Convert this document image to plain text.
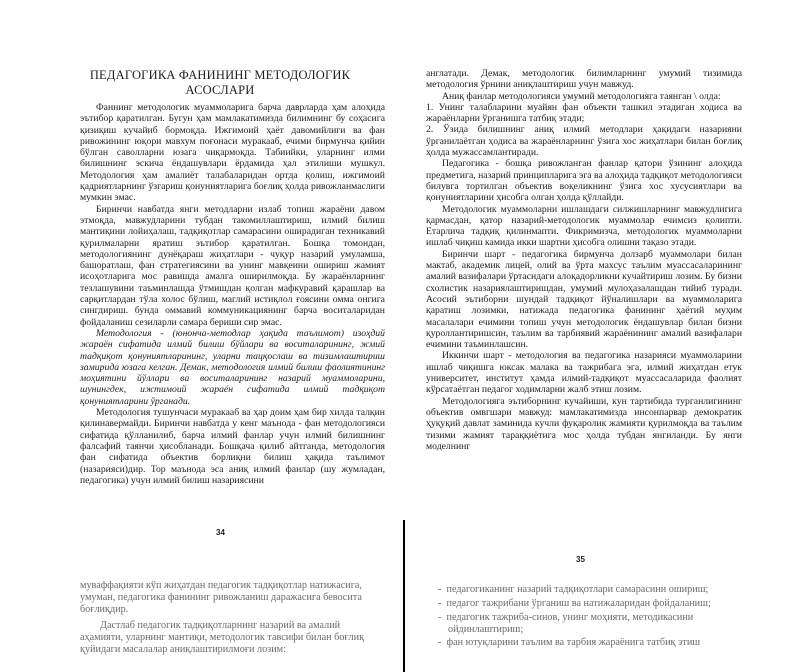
ПЕДАГОГИКА ФАНИНИНГ МЕТОДОЛОГИК
АСОСЛАРИ

Фаннинг методологик муаммоларига барча даврларда ҳам алоҳида эътибор қаратилган. Бугун ҳам мамлакатимизда билимнинг бу соҳасига қизиқиш кучайиб бормоқда. Ижгимоий ҳаёт давомийлиги ва фан ривожининг юқори мавхум поғонаси муракааб, ечими бирмунча қийин бўлган саволларни юзага чиқармоқда. Табиийки, уларнинг илми билишнинг эскича ёндашувлари ёрдамида ҳал этилиши мушкул. Методология ҳам амалиёт талабаларидан ортда қолиш, ижгимоий қадриятларнинг ўзгариш қонуниятларига боғлиқ ҳолда ривожланмаслиги мумкин эмас.

Биринчи навбатда янги методларни излаб топиш жараёни давом этмоқда, мавжудларини тубдан такомиллаштириш, илмий билиш мантиқини лойиҳалаш, тадқиқотлар самарасини оширадиган техникавий қурилмаларни яратиш эътибор қаратилган. Бошқа томондан, методологиянинг дунёқараш жиҳатлари - чуқур назарий умуламша, башоратлаш, фан стратегиясини ва унинг мавқеини ошириш жамият исоҳотларига мос равишда амалга оширилмоқда. Бу жараёнларнинг тезлашувини таъминлашда ўтмишдан қолган мафкуравий қарашлар ва сарқитлардан тўла холос бўлиш, маглий истиқлол ғоясини омма онгига сингдириш. бунда оммавий коммуникациянинг барча воситаларидан фойдаланиш сезиларли самара бериши сир эмас.

Методология - (юнонча-методлар ҳақида таълимот) изоҳдий жараён сифатида илмий билиш бўйлари ва воситаларининг, жмий тадқиқот қонуниятларининг, уларни тацқослаш ва тизимлаштириш замирида юзага келган. Демак, методология илмий билиш фаолиятининг моҳиятини йўллари ва воситаларининг назарий муаммоларини, шунингдек, ижтимоий жараён сифатида илмий тадқиқот қонуниятларини ўрганади.

Методология тушунчаси муракааб ва ҳар доим ҳам бир хилда талқин қилинавермайди. Биринчи навбатда у кенг маънода - фан методологияси сифатида қўлланилиб, барча илмий фанлар учун илмий билишнинг фалсафий таянчи ҳисобланади. Бошқача қилиб айтганда, методология фан сифатида объектив борлиқни билиш ҳақида таълимот (назарияси)дир. Тор маънода эса аниқ илмий фанлар (шу жумладан, педагогика) учун илмий билиш назариясини

34

муваффақияти кўп жиҳатдан педагогик тадқиқотлар натижасига,

умуман, педагогика фанининг ривожланиш даражасига бевосита

боғлиқдир.

Дастлаб педагогик тадқиқотларнинг назарий ва амалий

аҳамияти, уларнинг мантиқи, методологик тавсифи билан боғлиқ

қуйидаги масалалар аниқлаштирилмоғи лозим:

англатади. Демак, методологик билимларнинг умумий тизимида методология ўрнини аниқлаштириш учун мавжуд.

Аниқ фанлар методологияси умумий методологияга таянган \ олда:

1. Унинг талабларини муайян фан объекти ташкил этадиган ходиса ва жараёнларни ўрганишга татбиқ этади;

2. Ўзида билишнинг аниқ илмий методлари ҳақидаги назарияни ўрганилаётган ҳодиса ва жараёнларнинг ўзига хос жиҳатлари билан боғлиқ ҳолда мужассамлантиради.

Педагогика - бошқа ривожланган фанлар қатори ўзининг алоҳида предметига, назарий принципларига эга ва алоҳида тадқиқот методологияси билувга тортилган объектив воқеликнинг ўзига хос хусусиятлари ва қонуниятларини ҳисобга олган ҳолда қўллайди.

Методологик муаммоларни ишлашдаги силжишларнинг мавжудлигига қармасдан, қатор назарий-методологик муаммолар ечимсиз қолипти. Етарлича тадқиқ қилинмапти. Фикримизча, методологик муаммоларни ишлаб чиқиш камида икки шартни ҳисобга олишни тақазо этади.

Биринчи шарт - педагогика бирмунча долзарб муаммолари билан мактаб, академик лицей, олий ва ўрта махсус таълим муассасаларининг амалий вазифалари ўртасидаги алоқадорликни кучайтириш лозим. Бу бизни схолистик назариялаштиришдан, умумий мулоҳазалашдан тийиб туради. Асосий эътиборни шундай тадқиқот йўналишлари ва муаммоларига қаратиш лозимки, натижада педагогика фанининг ҳаётий муҳим масалалари ечимини топиш учун методологик ёндашувлар билан бизни қуроллантиришсин, таълим ва тарбиявий жараёнининг амалий вазифалари ечимини таъминлашсин.

Иккинчи шарт - методология ва педагогика назарияси муаммоларини ишлаб чиқишга юксак малака ва тажрибага эга, илмий жиҳатдан етук университет, институт ҳамда илмий-тадқиқот муассасаларида фаолият кўрсатаётган педагог ходимларни жалб этиш лозим.

Методологияга эътиборнинг кучайиши, кун тартибида турганлигининг объектив омвгшари мавжуд: мамлакатимизда инсонпарвар демократик ҳуқуқий давлат заминида кучли фуқаролик жамияти қурилмоқда ва таълим тизими жамият тараққиётига мос ҳолда тубдан янгиланди. Бу янги моделнинг

35

-  педагогиканинг назарий тадқиқотлари самарасини ошириш;

-  педагог тажрибани ўрганиш ва натижаларидан фойдаланиш;

-  педагогик тажриба-синов, унинг моҳияти, методикасини

ойдинлаштириш;

-  фан ютуқларини таълим ва тарбия жараёнига татбиқ этиш
